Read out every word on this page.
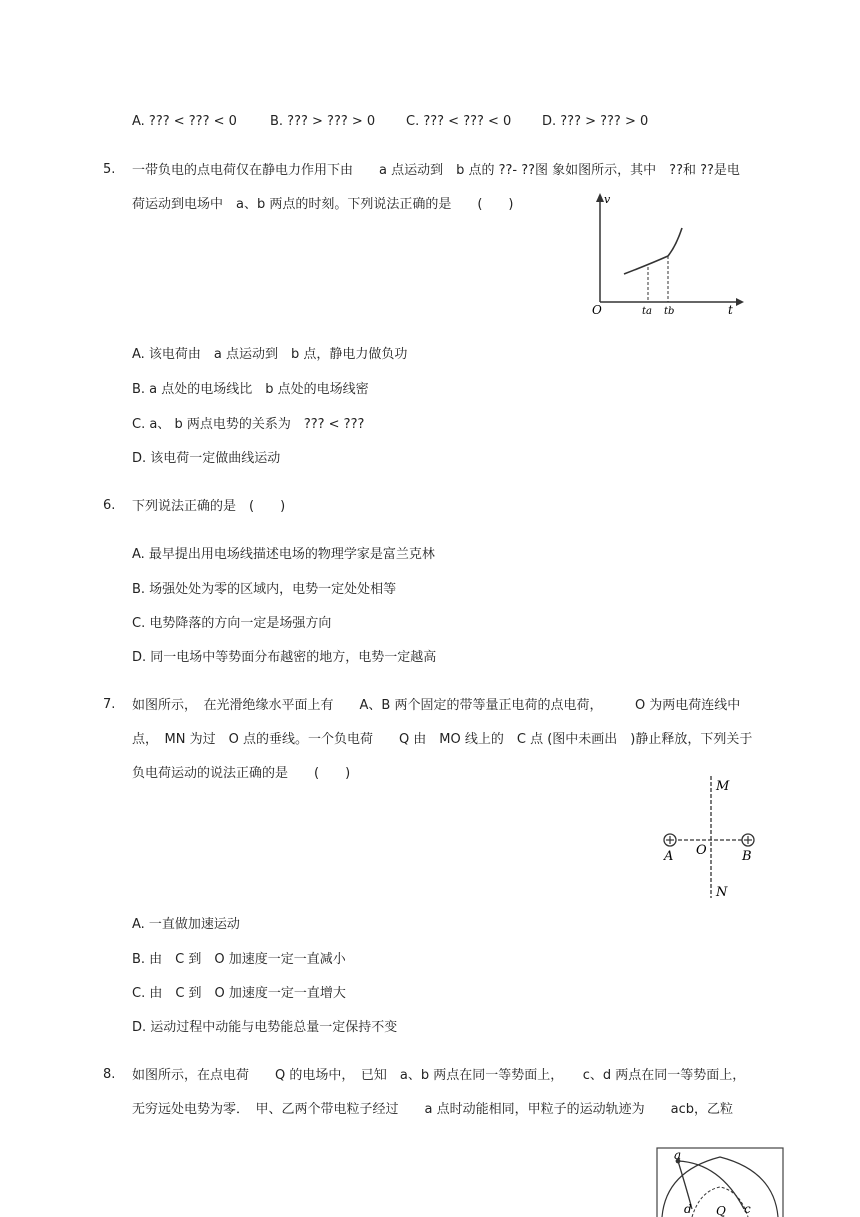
A. ??? < ??? < 0	B. ??? > ??? > 0 C. ??? < ??? < 0 D. ??? > ??? > 0
5. 一带负电的点电荷仅在静电力作用下由　　a 点运动到　b 点的 ??- ??图 象如图所示，其中　??和 ??是电
荷运动到电场中　a、b 两点的时刻。下列说法正确的是　　(　　)	v
t
O	ta tb
A. 该电荷由　a 点运动到　b 点，静电力做负功
B. a 点处的电场线比　b 点处的电场线密
C. a、 b 两点电势的关系为　??? < ???
D. 该电荷一定做曲线运动
6. 下列说法正确的是　(　　)
A. 最早提出用电场线描述电场的物理学家是富兰克林
B. 场强处处为零的区域内，电势一定处处相等
C. 电势降落的方向一定是场强方向
D. 同一电场中等势面分布越密的地方，电势一定越高
7. 如图所示，　在光滑绝缘水平面上有　　A、B 两个固定的带等量正电荷的点电荷，　　　O 为两电荷连线中
点，　MN 为过　O 点的垂线。一个负电荷　　Q 由　MO 线上的　C 点 (图中未画出　)静止释放，下列关于
负电荷运动的说法正确的是　　(　　)
M
N
A	B
O
A. 一直做加速运动
B. 由　C 到　O 加速度一定一直减小
C. 由　C 到　O 加速度一定一直增大
D. 运动过程中动能与电势能总量一定保持不变
8. 如图所示，在点电荷　　Q 的电场中，　已知　a、b 两点在同一等势面上，　　c、d 两点在同一等势面上，
无穷远处电势为零．　甲、乙两个带电粒子经过　　a 点时动能相同，甲粒子的运动轨迹为　　acb，乙粒
a
d	c
Q
